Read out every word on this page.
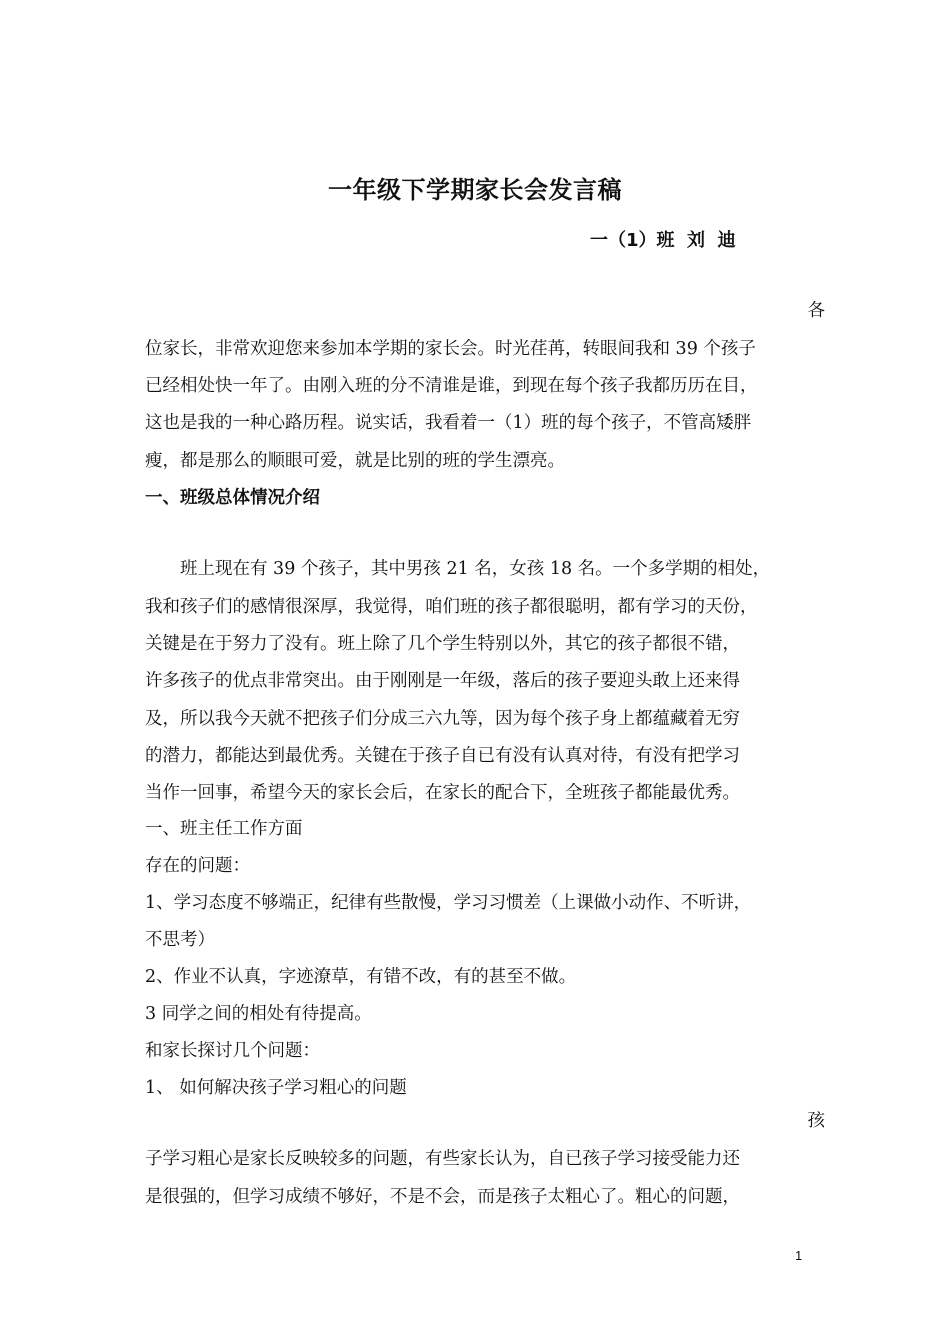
一年级下学期家长会发言稿
一（1）班  刘  迪
各
位家长，非常欢迎您来参加本学期的家长会。时光荏苒，转眼间我和 39 个孩子
已经相处快一年了。由刚入班的分不清谁是谁，到现在每个孩子我都历历在目，
这也是我的一种心路历程。说实话，我看着一（1）班的每个孩子，不管高矮胖
瘦，都是那么的顺眼可爱，就是比别的班的学生漂亮。
一、班级总体情况介绍
班上现在有 39 个孩子，其中男孩 21 名，女孩 18 名。一个多学期的相处，
我和孩子们的感情很深厚，我觉得，咱们班的孩子都很聪明，都有学习的天份，
关键是在于努力了没有。班上除了几个学生特别以外，其它的孩子都很不错，
许多孩子的优点非常突出。由于刚刚是一年级，落后的孩子要迎头敢上还来得
及，所以我今天就不把孩子们分成三六九等，因为每个孩子身上都蕴藏着无穷
的潜力，都能达到最优秀。关键在于孩子自已有没有认真对待，有没有把学习
当作一回事，希望今天的家长会后，在家长的配合下，全班孩子都能最优秀。
一、班主任工作方面
存在的问题：
1、学习态度不够端正，纪律有些散慢，学习习惯差（上课做小动作、不听讲，
不思考）
2、作业不认真，字迹潦草，有错不改，有的甚至不做。
3 同学之间的相处有待提高。
和家长探讨几个问题：
1、 如何解决孩子学习粗心的问题
孩
子学习粗心是家长反映较多的问题，有些家长认为，自已孩子学习接受能力还
是很强的，但学习成绩不够好，不是不会，而是孩子太粗心了。粗心的问题，
1
